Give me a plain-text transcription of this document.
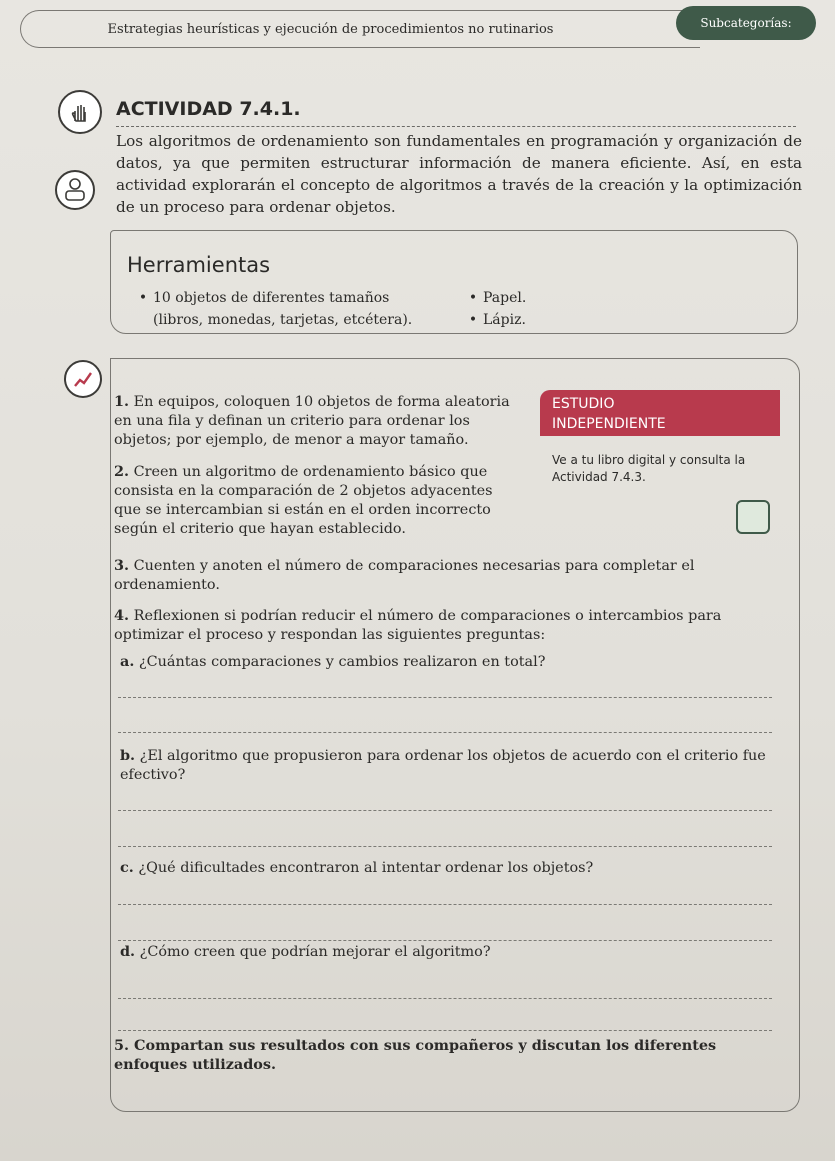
Estrategias heurísticas y ejecución de procedimientos no rutinarios	Subcategorías:
ACTIVIDAD 7.4.1.
Los algoritmos de ordenamiento son fundamentales en programación y organización de datos, ya que permiten estructurar información de manera eficiente. Así, en esta actividad explorarán el concepto de algoritmos a través de la creación y la optimización de un proceso para ordenar objetos.
Herramientas
• 10 objetos de diferentes tamaños
(libros, monedas, tarjetas, etcétera).
• Papel.
• Lápiz.
1. En equipos, coloquen 10 objetos de forma aleatoria en una fila y definan un criterio para ordenar los objetos; por ejemplo, de menor a mayor tamaño.
2. Creen un algoritmo de ordenamiento básico que consista en la comparación de 2 objetos adyacentes que se intercambian si están en el orden incorrecto según el criterio que hayan establecido.
ESTUDIO
INDEPENDIENTE
Ve a tu libro digital y consulta la Actividad 7.4.3.
3. Cuenten y anoten el número de comparaciones necesarias para completar el ordenamiento.
4. Reflexionen si podrían reducir el número de comparaciones o intercambios para optimizar el proceso y respondan las siguientes preguntas:
a. ¿Cuántas comparaciones y cambios realizaron en total?
b. ¿El algoritmo que propusieron para ordenar los objetos de acuerdo con el criterio fue efectivo?
c. ¿Qué dificultades encontraron al intentar ordenar los objetos?
d. ¿Cómo creen que podrían mejorar el algoritmo?
5. Compartan sus resultados con sus compañeros y discutan los diferentes enfoques utilizados.
